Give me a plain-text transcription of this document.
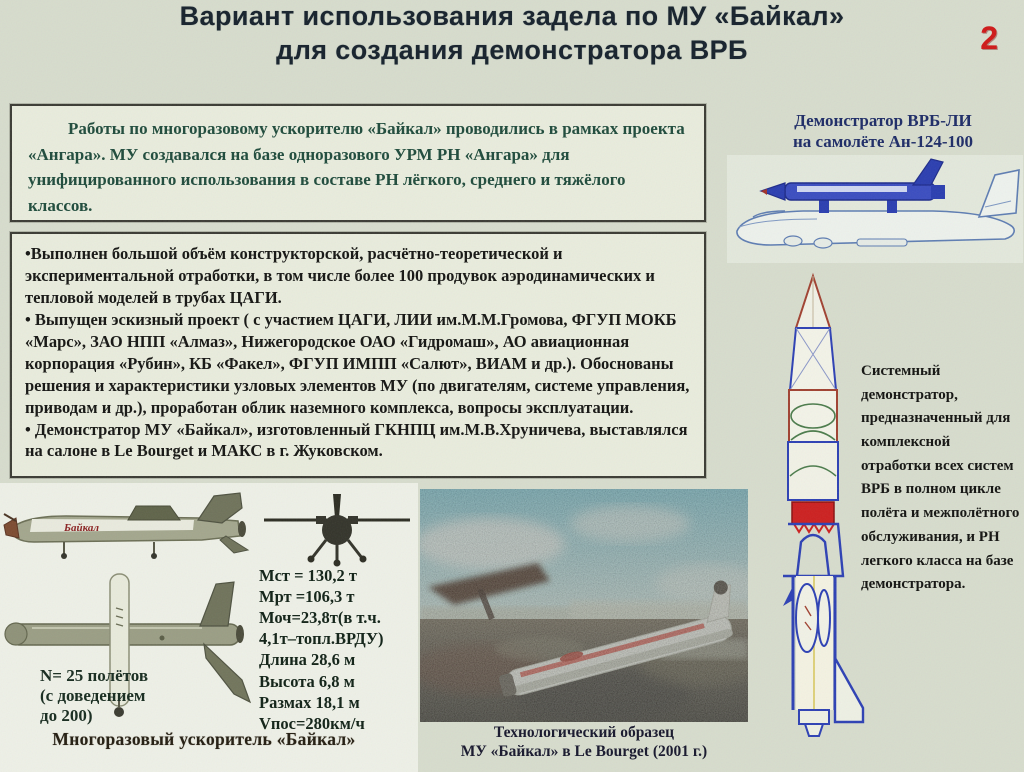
Вариант использования задела по МУ «Байкал»
для создания демонстратора ВРБ	2
Работы по многоразовому ускорителю «Байкал» проводились в рамках проекта «Ангара». МУ создавался на базе одноразового УРМ РН «Ангара» для унифицированного использования в составе РН лёгкого, среднего и тяжёлого классов.

•Выполнен большой объём конструкторской, расчётно-теоретической и экспериментальной отработки, в том числе более 100 продувок аэродинамических и тепловой моделей в трубах ЦАГИ.

• Выпущен эскизный проект ( с участием ЦАГИ, ЛИИ им.М.М.Громова, ФГУП МОКБ «Марс», ЗАО НПП «Алмаз», Нижегородское ОАО «Гидромаш», АО авиационная корпорация «Рубин», КБ «Факел», ФГУП ИМПП «Салют», ВИАМ и др.). Обоснованы решения и характеристики узловых элементов МУ (по двигателям, системе управления, приводам и др.), проработан облик наземного комплекса, вопросы эксплуатации.

• Демонстратор МУ «Байкал», изготовленный ГКНПЦ им.М.В.Хруничева, выставлялся на салоне в Le Bourget и МАКС в г. Жуковском.

Демонстратор ВРБ-ЛИ
на самолёте Ан-124-100
Системный демонстратор, предназначенный для комплексной отработки всех систем ВРБ в полном цикле полёта и межполётного обслуживания, и РН легкого класса на базе демонстратора.
Байкал
Мст = 130,2 т
Мрт =106,3 т
Моч=23,8т(в т.ч.
4,1т–топл.ВРДУ)
Длина 28,6 м
Высота 6,8 м
Размах 18,1 м
Vпос=280км/ч
N= 25 полётов
(с доведением
до 200)
Многоразовый ускоритель «Байкал»	Технологический образец
МУ «Байкал» в Le Bourget (2001 г.)
